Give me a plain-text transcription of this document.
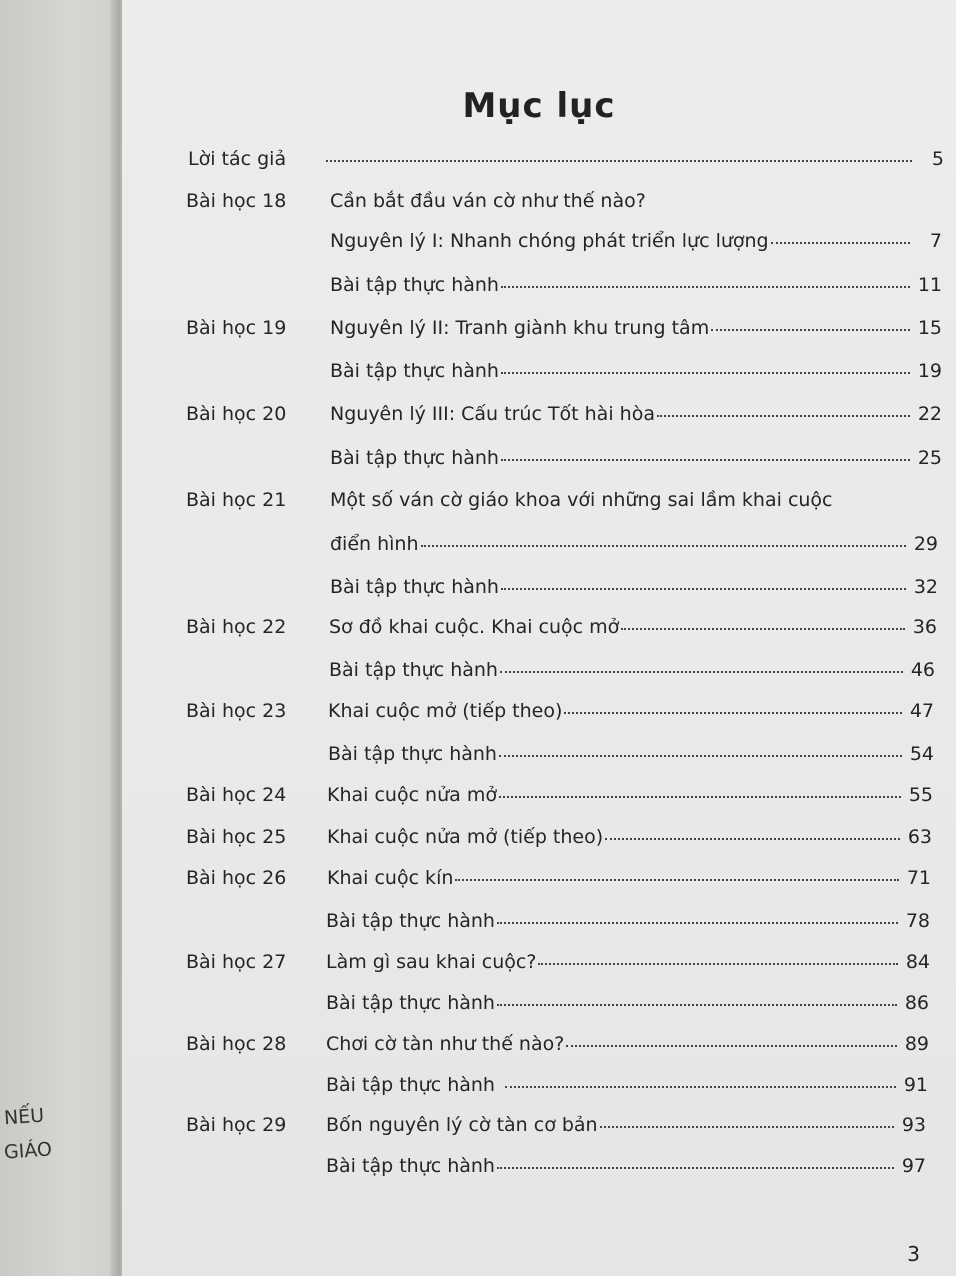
NẾU
GIÁO
Mục lục
Lời tác giả	5
Bài học 18 Cần bắt đầu ván cờ như thế nào?
Nguyên lý I: Nhanh chóng phát triển lực lượng	7
Bài tập thực hành	11
Bài học 19 Nguyên lý II: Tranh giành khu trung tâm	15
Bài tập thực hành	19
Bài học 20 Nguyên lý III: Cấu trúc Tốt hài hòa	22
Bài tập thực hành	25
Bài học 21 Một số ván cờ giáo khoa với những sai lầm khai cuộc
điển hình	29
Bài tập thực hành	32
Bài học 22 Sơ đồ khai cuộc. Khai cuộc mở	36
Bài tập thực hành	46
Bài học 23 Khai cuộc mở (tiếp theo)	47
Bài tập thực hành	54
Bài học 24 Khai cuộc nửa mở	55
Bài học 25 Khai cuộc nửa mở (tiếp theo)	63
Bài học 26 Khai cuộc kín	71
Bài tập thực hành	78
Bài học 27 Làm gì sau khai cuộc?	84
Bài tập thực hành	86
Bài học 28 Chơi cờ tàn như thế nào?	89
Bài tập thực hành	91
Bài học 29 Bốn nguyên lý cờ tàn cơ bản	93
Bài tập thực hành	97
3
